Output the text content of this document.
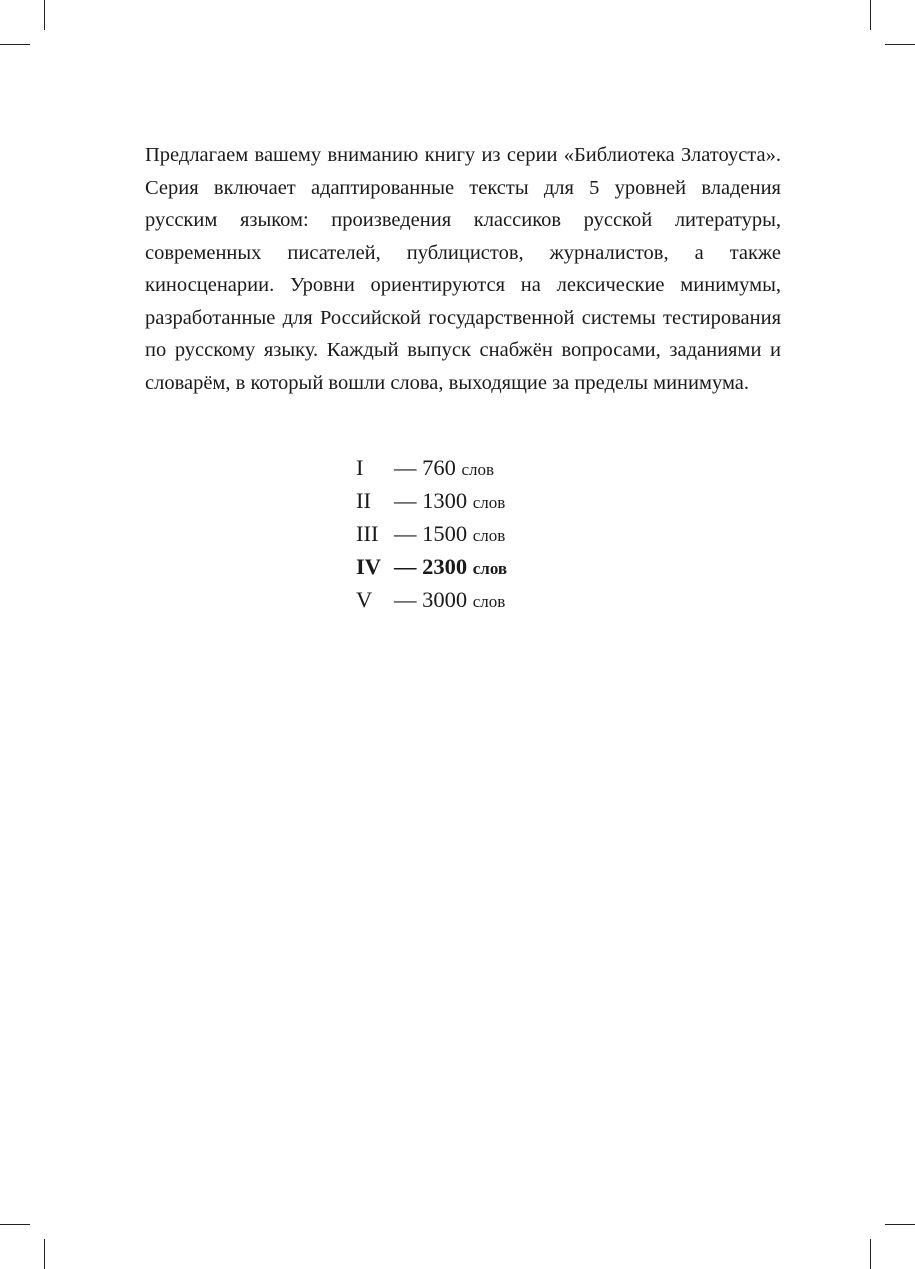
Предлагаем вашему вниманию книгу из серии «Библиотека Златоуста». Серия включает адаптированные тексты для 5 уровней владения русским языком: произведения классиков русской литературы, современных писателей, публицистов, журналистов, а также киносценарии. Уровни ориентируются на лексические минимумы, разработанные для Российской государственной системы тестирования по русскому языку. Каждый выпуск снабжён вопросами, заданиями и словарём, в который вошли слова, выходящие за пределы минимума.

I	— 760 слов
II	— 1300 слов
III — 1500 слов
IV — 2300 слов
V — 3000 слов
